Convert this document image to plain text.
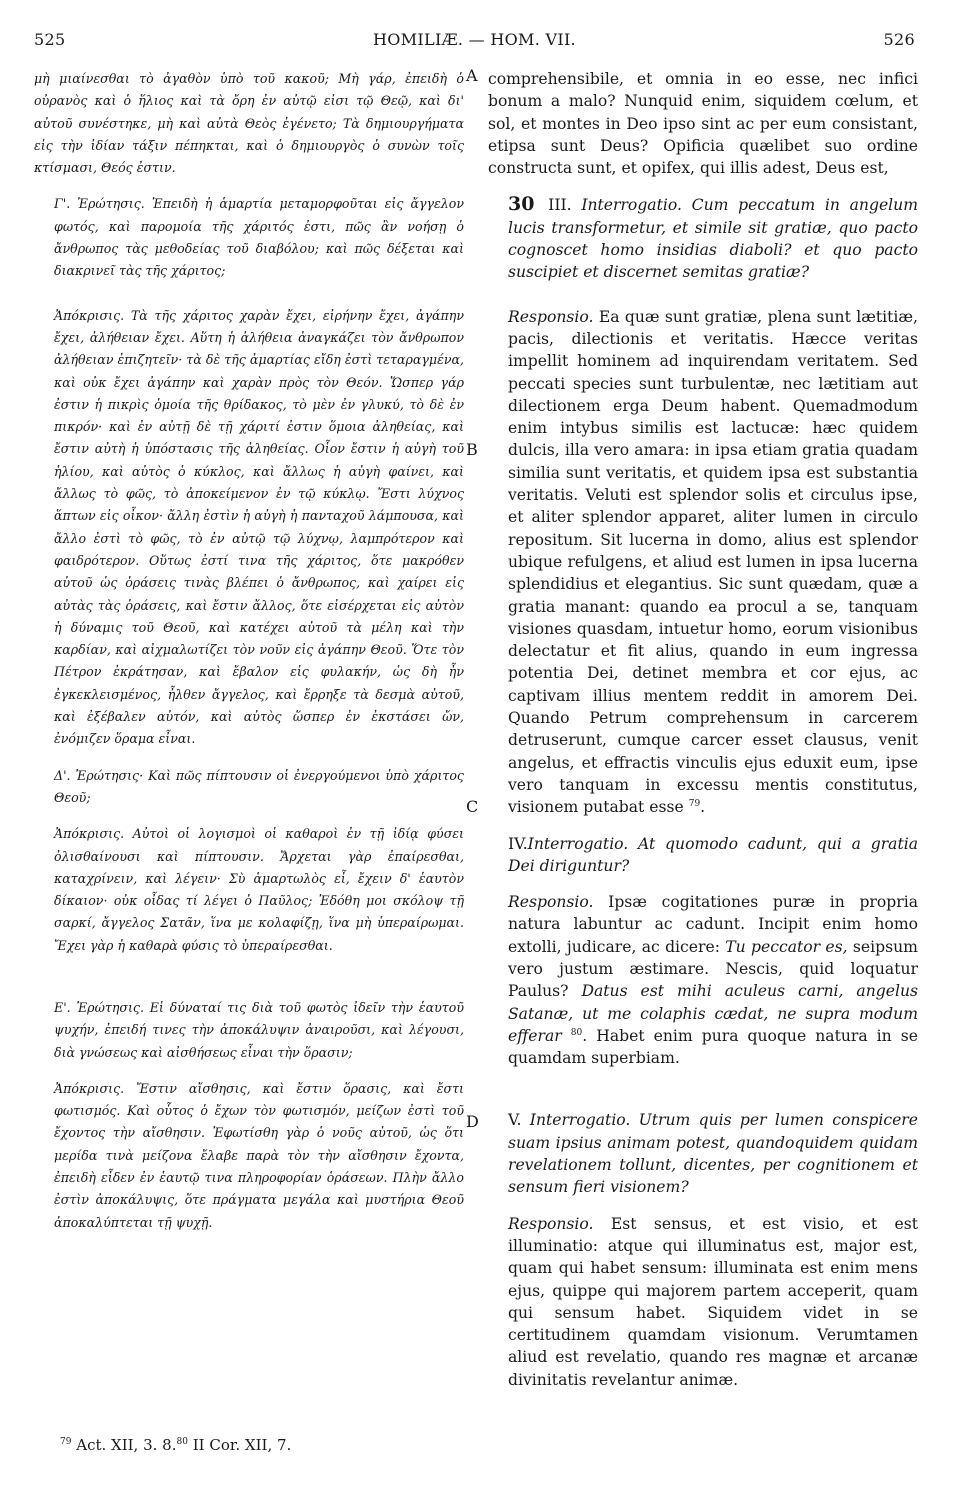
525	HOMILIÆ. — HOM. VII.	526
A
B
C
D

μὴ μιαίνεσθαι τὸ ἀγαθὸν ὑπὸ τοῦ κακοῦ; Μὴ γάρ, ἐπειδὴ ὁ οὐρανὸς καὶ ὁ ἥλιος καὶ τὰ ὄρη ἐν αὐτῷ εἰσι τῷ Θεῷ, καὶ δι' αὐτοῦ συνέστηκε, μὴ καὶ αὐτὰ Θεὸς ἐγένετο; Τὰ δημιουργήματα εἰς τὴν ἰδίαν τάξιν πέπηκται, καὶ ὁ δημιουργὸς ὁ συνὼν τοῖς κτίσμασι, Θεός ἐστιν.

Γ'. Ἐρώτησις. Ἐπειδὴ ἡ ἁμαρτία μεταμορφοῦται εἰς ἄγγελον φωτός, καὶ παρομοία τῆς χάριτός ἐστι, πῶς ἂν νοήσῃ ὁ ἄνθρωπος τὰς μεθοδείας τοῦ διαβόλου; καὶ πῶς δέξεται καὶ διακρινεῖ τὰς τῆς χάριτος;

Ἀπόκρισις. Τὰ τῆς χάριτος χαρὰν ἔχει, εἰρήνην ἔχει, ἀγάπην ἔχει, ἀλήθειαν ἔχει. Αὕτη ἡ ἀλήθεια ἀναγκάζει τὸν ἄνθρωπον ἀλήθειαν ἐπιζητεῖν· τὰ δὲ τῆς ἁμαρτίας εἴδη ἐστὶ τεταραγμένα, καὶ οὐκ ἔχει ἀγάπην καὶ χαρὰν πρὸς τὸν Θεόν. Ὥσπερ γάρ ἐστιν ἡ πικρὶς ὁμοία τῆς θρίδακος, τὸ μὲν ἐν γλυκύ, τὸ δὲ ἐν πικρόν· καὶ ἐν αὐτῇ δὲ τῇ χάριτί ἐστιν ὅμοια ἀληθείας, καὶ ἔστιν αὐτὴ ἡ ὑπόστασις τῆς ἀληθείας. Οἷον ἔστιν ἡ αὐγὴ τοῦ ἡλίου, καὶ αὐτὸς ὁ κύκλος, καὶ ἄλλως ἡ αὐγὴ φαίνει, καὶ ἄλλως τὸ φῶς, τὸ ἀποκείμενον ἐν τῷ κύκλῳ. Ἔστι λύχνος ἅπτων εἰς οἶκον· ἄλλη ἐστὶν ἡ αὐγὴ ἡ πανταχοῦ λάμπουσα, καὶ ἄλλο ἐστὶ τὸ φῶς, τὸ ἐν αὐτῷ τῷ λύχνῳ, λαμπρότερον καὶ φαιδρότερον. Οὕτως ἐστί τινα τῆς χάριτος, ὅτε μακρόθεν αὐτοῦ ὡς ὁράσεις τινὰς βλέπει ὁ ἄνθρωπος, καὶ χαίρει εἰς αὐτὰς τὰς ὁράσεις, καὶ ἔστιν ἄλλος, ὅτε εἰσέρχεται εἰς αὐτὸν ἡ δύναμις τοῦ Θεοῦ, καὶ κατέχει αὐτοῦ τὰ μέλη καὶ τὴν καρδίαν, καὶ αἰχμαλωτίζει τὸν νοῦν εἰς ἀγάπην Θεοῦ. Ὅτε τὸν Πέτρον ἐκράτησαν, καὶ ἔβαλον εἰς φυλακήν, ὡς δὴ ἦν ἐγκεκλεισμένος, ἦλθεν ἄγγελος, καὶ ἔρρηξε τὰ δεσμὰ αὐτοῦ, καὶ ἐξέβαλεν αὐτόν, καὶ αὐτὸς ὥσπερ ἐν ἐκστάσει ὤν, ἐνόμιζεν ὅραμα εἶναι.

Δ'. Ἐρώτησις· Καὶ πῶς πίπτουσιν οἱ ἐνεργούμενοι ὑπὸ χάριτος Θεοῦ;

Ἀπόκρισις. Αὐτοὶ οἱ λογισμοὶ οἱ καθαροὶ ἐν τῇ ἰδίᾳ φύσει ὀλισθαίνουσι καὶ πίπτουσιν. Ἄρχεται γὰρ ἐπαίρεσθαι, καταχρίνειν, καὶ λέγειν· Σὺ ἁμαρτωλὸς εἶ, ἔχειν δ' ἑαυτὸν δίκαιον· οὐκ οἶδας τί λέγει ὁ Παῦλος; Ἐδόθη μοι σκόλοψ τῇ σαρκί, ἄγγελος Σατᾶν, ἵνα με κολαφίζῃ, ἵνα μὴ ὑπεραίρωμαι. Ἔχει γὰρ ἡ καθαρὰ φύσις τὸ ὑπεραίρεσθαι.

Ε'. Ἐρώτησις. Εἰ δύναταί τις διὰ τοῦ φωτὸς ἰδεῖν τὴν ἑαυτοῦ ψυχήν, ἐπειδή τινες τὴν ἀποκάλυψιν ἀναιροῦσι, καὶ λέγουσι, διὰ γνώσεως καὶ αἰσθήσεως εἶναι τὴν ὅρασιν;

Ἀπόκρισις. Ἔστιν αἴσθησις, καὶ ἔστιν ὅρασις, καὶ ἔστι φωτισμός. Καὶ οὗτος ὁ ἔχων τὸν φωτισμόν, μείζων ἐστὶ τοῦ ἔχοντος τὴν αἴσθησιν. Ἐφωτίσθη γὰρ ὁ νοῦς αὐτοῦ, ὡς ὅτι μερίδα τινὰ μείζονα ἔλαβε παρὰ τὸν τὴν αἴσθησιν ἔχοντα, ἐπειδὴ εἶδεν ἐν ἑαυτῷ τινα πληροφορίαν ὁράσεων. Πλὴν ἄλλο ἐστὶν ἀποκάλυψις, ὅτε πράγματα μεγάλα καὶ μυστήρια Θεοῦ ἀποκαλύπτεται τῇ ψυχῇ.

comprehensibile, et omnia in eo esse, nec infici bonum a malo? Nunquid enim, siquidem cœlum, et sol, et montes in Deo ipso sint ac per eum consistant, etipsa sunt Deus? Opificia quælibet suo ordine constructa sunt, et opifex, qui illis adest, Deus est,

30 III. Interrogatio. Cum peccatum in angelum lucis transformetur, et simile sit gratiæ, quo pacto cognoscet homo insidias diaboli? et quo pacto suscipiet et discernet semitas gratiæ?

Responsio. Ea quæ sunt gratiæ, plena sunt lætitiæ, pacis, dilectionis et veritatis. Hæcce veritas impellit hominem ad inquirendam veritatem. Sed peccati species sunt turbulentæ, nec lætitiam aut dilectionem erga Deum habent. Quemadmodum enim intybus similis est lactucæ: hæc quidem dulcis, illa vero amara: in ipsa etiam gratia quadam similia sunt veritatis, et quidem ipsa est substantia veritatis. Veluti est splendor solis et circulus ipse, et aliter splendor apparet, aliter lumen in circulo repositum. Sit lucerna in domo, alius est splendor ubique refulgens, et aliud est lumen in ipsa lucerna splendidius et elegantius. Sic sunt quædam, quæ a gratia manant: quando ea procul a se, tanquam visiones quasdam, intuetur homo, eorum visionibus delectatur et fit alius, quando in eum ingressa potentia Dei, detinet membra et cor ejus, ac captivam illius mentem reddit in amorem Dei. Quando Petrum comprehensum in carcerem detruserunt, cumque carcer esset clausus, venit angelus, et effractis vinculis ejus eduxit eum, ipse vero tanquam in excessu mentis constitutus, visionem putabat esse $^{79}$.

IV.Interrogatio. At quomodo cadunt, qui a gratia Dei diriguntur?

Responsio. Ipsæ cogitationes puræ in propria natura labuntur ac cadunt. Incipit enim homo extolli, judicare, ac dicere: Tu peccator es, seipsum vero justum æstimare. Nescis, quid loquatur Paulus? Datus est mihi aculeus carni, angelus Satanæ, ut me colaphis cædat, ne supra modum efferar $^{80}$. Habet enim pura quoque natura in se quamdam superbiam.

V. Interrogatio. Utrum quis per lumen conspicere suam ipsius animam potest, quandoquidem quidam revelationem tollunt, dicentes, per cognitionem et sensum fieri visionem?

Responsio. Est sensus, et est visio, et est illuminatio: atque qui illuminatus est, major est, quam qui habet sensum: illuminata est enim mens ejus, quippe qui majorem partem acceperit, quam qui sensum habet. Siquidem videt in se certitudinem quamdam visionum. Verumtamen aliud est revelatio, quando res magnæ et arcanæ divinitatis revelantur animæ.

$^{79}$ Act. XII, 3. 8.80 II Cor. XII, 7.
